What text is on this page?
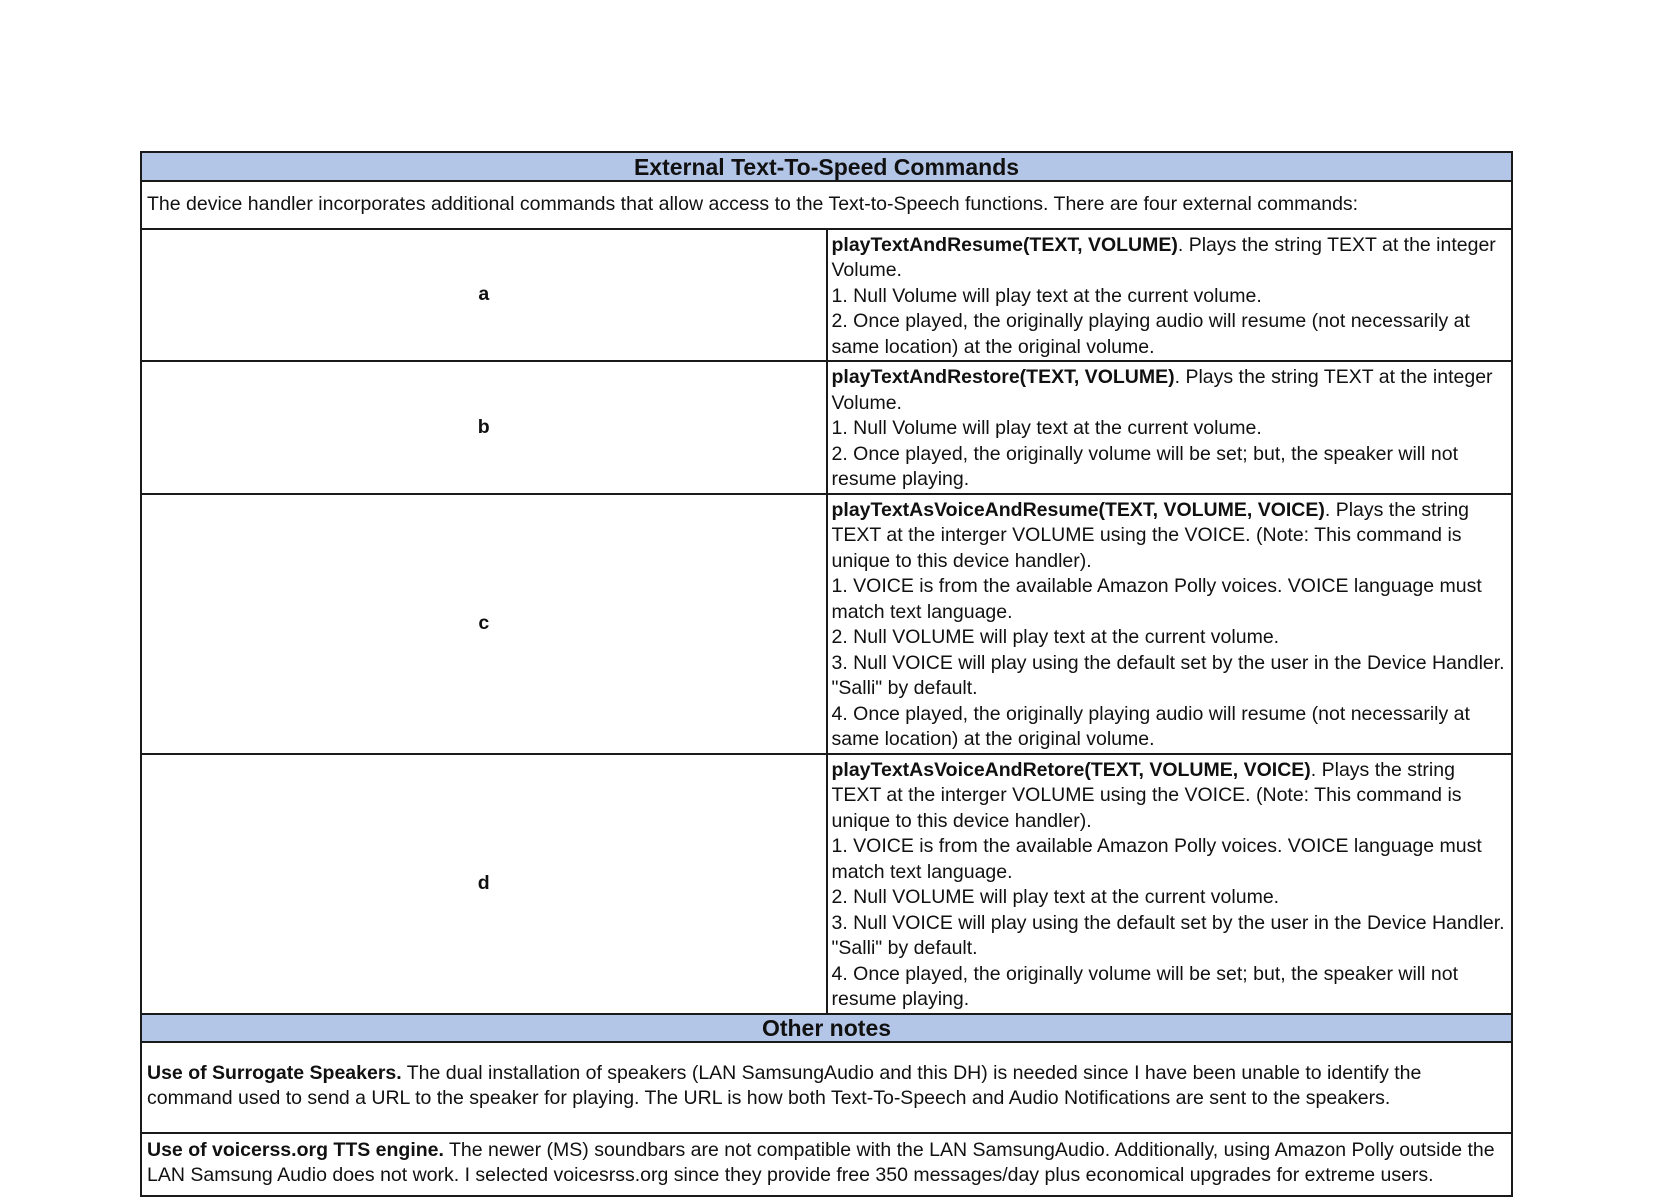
External Text-To-Speed Commands	
The device handler incorporates additional commands that allow access to the Text-to-Speech functions. There are four external commands:	
a	playTextAndResume(TEXT, VOLUME). Plays the string TEXT at the integer Volume.
1. Null Volume will play text at the current volume.
2. Once played, the originally playing audio will resume (not necessarily at same location) at the original volume.

b	playTextAndRestore(TEXT, VOLUME). Plays the string TEXT at the integer Volume.
1. Null Volume will play text at the current volume.
2. Once played, the originally volume will be set; but, the speaker will not resume playing.

c	playTextAsVoiceAndResume(TEXT, VOLUME, VOICE). Plays the string TEXT at the interger VOLUME using the VOICE. (Note: This command is unique to this device handler).
1. VOICE is from the available Amazon Polly voices. VOICE language must match text language.
2. Null VOLUME will play text at the current volume.
3. Null VOICE will play using the default set by the user in the Device Handler. "Salli" by default.
4. Once played, the originally playing audio will resume (not necessarily at same location) at the original volume.

d	playTextAsVoiceAndRetore(TEXT, VOLUME, VOICE). Plays the string TEXT at the interger VOLUME using the VOICE. (Note: This command is unique to this device handler).
1. VOICE is from the available Amazon Polly voices. VOICE language must match text language.
2. Null VOLUME will play text at the current volume.
3. Null VOICE will play using the default set by the user in the Device Handler. "Salli" by default.
4. Once played, the originally volume will be set; but, the speaker will not resume playing.

Other notes	
Use of Surrogate Speakers. The dual installation of speakers (LAN SamsungAudio and this DH) is needed since I have been unable to identify the command used to send a URL to the speaker for playing. The URL is how both Text-To-Speech and Audio Notifications are sent to the speakers.	
Use of voicerss.org TTS engine. The newer (MS) soundbars are not compatible with the LAN SamsungAudio. Additionally, using Amazon Polly outside the LAN Samsung Audio does not work. I selected voicesrss.org since they provide free 350 messages/day plus economical upgrades for extreme users.	
